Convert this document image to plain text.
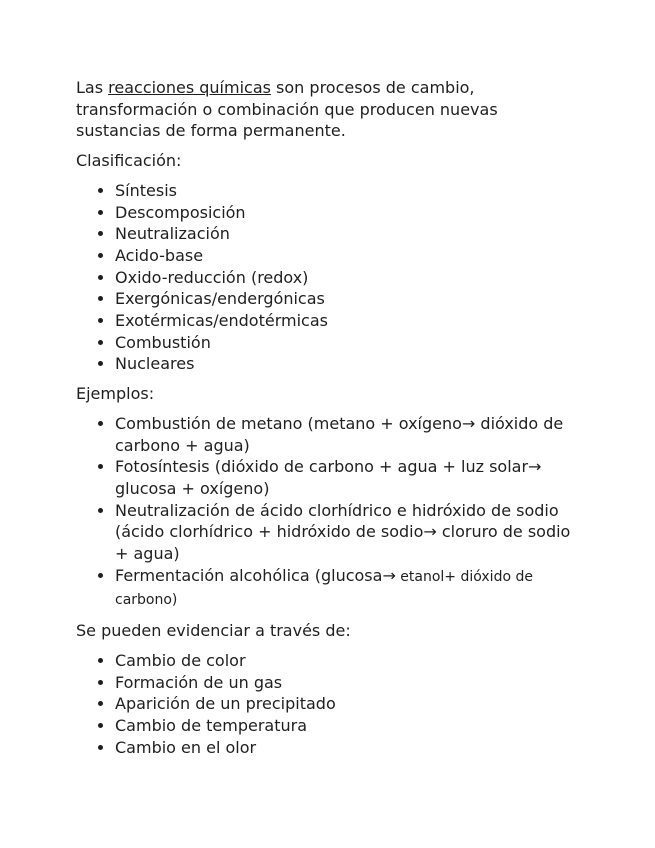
Las reacciones químicas son procesos de cambio, transformación o combinación que producen nuevas sustancias de forma permanente.

Clasificación:

• Síntesis
• Descomposición
• Neutralización
• Acido-base
• Oxido-reducción (redox)
• Exergónicas/endergónicas
• Exotérmicas/endotérmicas
• Combustión
• Nucleares

Ejemplos:

• Combustión de metano (metano + oxígeno→ dióxido de carbono + agua)
• Fotosíntesis (dióxido de carbono + agua + luz solar→ glucosa + oxígeno)
• Neutralización de ácido clorhídrico e hidróxido de sodio (ácido clorhídrico + hidróxido de sodio→ cloruro de sodio + agua)
• Fermentación alcohólica (glucosa→ etanol+ dióxido de carbono)

Se pueden evidenciar a través de:

• Cambio de color
• Formación de un gas
• Aparición de un precipitado
• Cambio de temperatura
• Cambio en el olor
